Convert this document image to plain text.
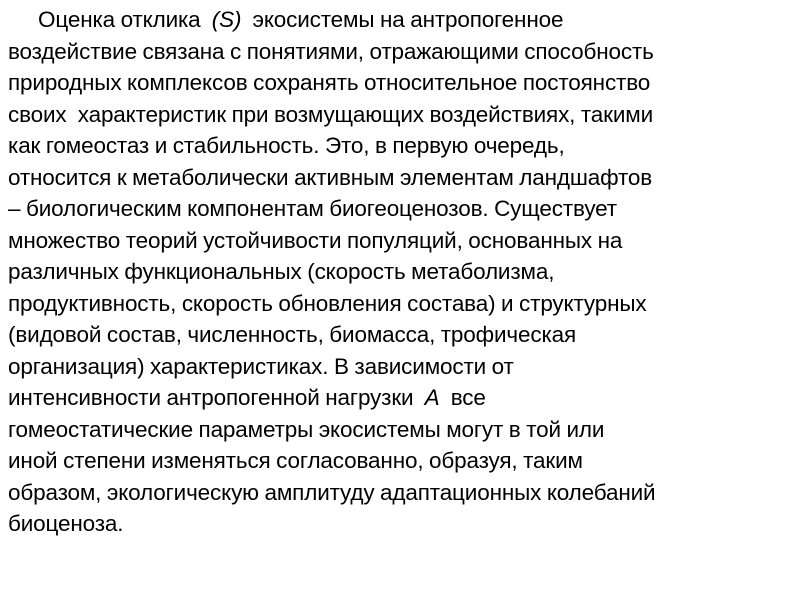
Оценка отклика  (S)  экосистемы на антропогенное
воздействие связана с понятиями, отражающими способность
природных комплексов сохранять относительное постоянство
своих  характеристик при возмущающих воздействиях, такими
как гомеостаз и стабильность. Это, в первую очередь,
относится к метаболически активным элементам ландшафтов
– биологическим компонентам биогеоценозов. Существует
множество теорий устойчивости популяций, основанных на
различных функциональных (скорость метаболизма,
продуктивность, скорость обновления состава) и структурных
(видовой состав, численность, биомасса, трофическая
организация) характеристиках. В зависимости от
интенсивности антропогенной нагрузки  A  все
гомеостатические параметры экосистемы могут в той или
иной степени изменяться согласованно, образуя, таким
образом, экологическую амплитуду адаптационных колебаний
биоценоза.
